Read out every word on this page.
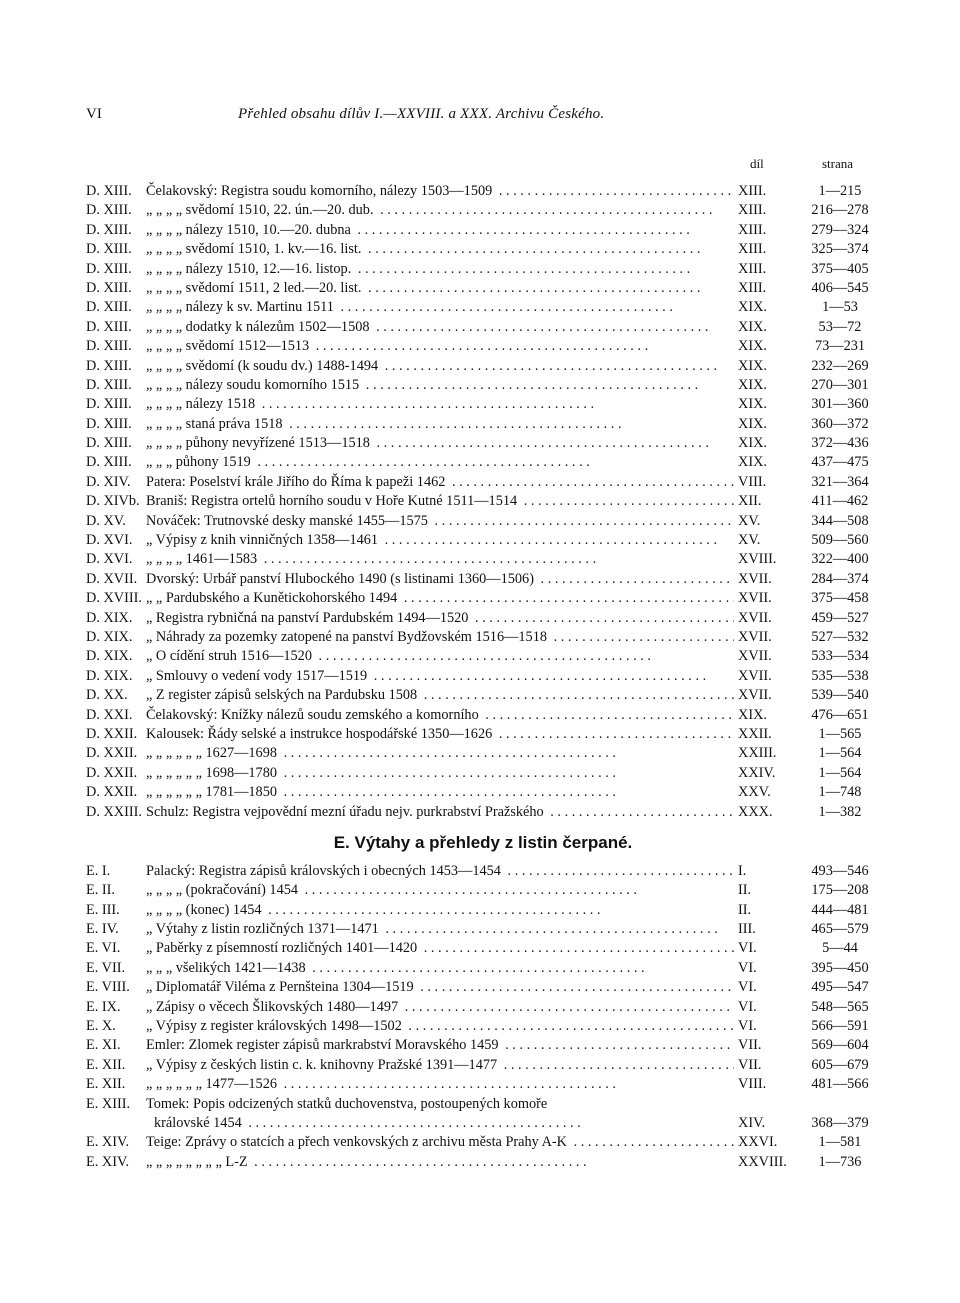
VI	Přehled obsahu dílův I.—XXVIII. a XXX. Archivu Českého.
díl	strana
D. XIII.	Čelakovský: Registra soudu komorního, nálezy 1503—1509 . . .	XIII.	1—215
D. XIII.	„ „ „ „ svědomí 1510, 22. ún.—20. dub. . . .	XIII.	216—278
D. XIII.	„ „ „ „ nálezy 1510, 10.—20. dubna . . .	XIII.	279—324
D. XIII.	„ „ „ „ svědomí 1510, 1. kv.—16. list. . . .	XIII.	325—374
D. XIII.	„ „ „ „ nálezy 1510, 12.—16. listop. . . .	XIII.	375—405
D. XIII.	„ „ „ „ svědomí 1511, 2 led.—20. list. . . .	XIII.	406—545
D. XIII.	„ „ „ „ nálezy k sv. Martinu 1511 . . .	XIX.	1—53
D. XIII.	„ „ „ „ dodatky k nálezům 1502—1508 . . .	XIX.	53—72
D. XIII.	„ „ „ „ svědomí 1512—1513 . . .	XIX.	73—231
D. XIII.	„ „ „ „ svědomí (k soudu dv.) 1488-1494 . . .	XIX.	232—269
D. XIII.	„ „ „ „ nálezy soudu komorního 1515 . . .	XIX.	270—301
D. XIII.	„ „ „ „ nálezy 1518 . . .	XIX.	301—360
D. XIII.	„ „ „ „ staná práva 1518 . . .	XIX.	360—372
D. XIII.	„ „ „ „ půhony nevyřízené 1513—1518 . . .	XIX.	372—436
D. XIII.	„ „ „ půhony 1519 . . .	XIX.	437—475
D. XIV.	Patera: Poselství krále Jiřího do Říma k papeži 1462 . . .	VIII.	321—364
D. XIVb. Braniš: Registra ortelů horního soudu v Hoře Kutné 1511—1514 . . .	XII.	411—462
D. XV.	Nováček: Trutnovské desky manské 1455—1575 . . .	XV.	344—508
D. XVI. „ Výpisy z knih vinničných 1358—1461 . . .	XV.	509—560
D. XVI. „ „ „ „ 1461—1583 . . .	XVIII.	322—400
D. XVII. Dvorský: Urbář panství Hlubockého 1490 (s listinami 1360—1506) . . .	XVII.	284—374
D. XVIII. „ „ Pardubského a Kunětickohorského 1494 . . .	XVII.	375—458
D. XIX. „ Registra rybničná na panství Pardubském 1494—1520 . . .	XVII.	459—527
D. XIX. „ Náhrady za pozemky zatopené na panství Bydžovském 1516—1518 . . .	XVII.	527—532
D. XIX. „ O cídění struh 1516—1520 . . .	XVII.	533—534
D. XIX. „ Smlouvy o vedení vody 1517—1519 . . .	XVII.	535—538
D. XX.	„ Z register zápisů selských na Pardubsku 1508 . . .	XVII.	539—540
D. XXI. Čelakovský: Knížky nálezů soudu zemského a komorního . . .	XIX.	476—651
D. XXII. Kalousek: Řády selské a instrukce hospodářské 1350—1626 . . .	XXII.	1—565
D. XXII. „ „ „ „ „ „ 1627—1698 . . .	XXIII.	1—564
D. XXII. „ „ „ „ „ „ 1698—1780 . . .	XXIV.	1—564
D. XXII. „ „ „ „ „ „ 1781—1850 . . .	XXV.	1—748
D. XXIII. Schulz: Registra vejpovědní mezní úřadu nejv. purkrabství Pražského . . .	XXX.	1—382
E. Výtahy a přehledy z listin čerpané.
E. I.	Palacký: Registra zápisů královských i obecných 1453—1454 . . .	I.	493—546
E. II.	„ „ „ „ (pokračování) 1454 . . .	II.	175—208
E. III.	„ „ „ „ (konec) 1454 . . .	II.	444—481
E. IV.	„ Výtahy z listin rozličných 1371—1471 . . .	III.	465—579
E. VI.	„ Paběrky z písemností rozličných 1401—1420 . . .	VI.	5—44
E. VII.	„ „ „ všelikých 1421—1438 . . .	VI.	395—450
E. VIII.	„ Diplomatář Viléma z Pernšteina 1304—1519 . . .	VI.	495—547
E. IX.	„ Zápisy o věcech Šlikovských 1480—1497 . . .	VI.	548—565
E. X.	„ Výpisy z register královských 1498—1502 . . .	VI.	566—591
E. XI.	Emler: Zlomek register zápisů markrabství Moravského 1459 . . .	VII.	569—604
E. XII.	„ Výpisy z českých listin c. k. knihovny Pražské 1391—1477 . . .	VII.	605—679
E. XII.	„ „ „ „ „ „ 1477—1526 . . .	VIII.	481—566
E. XIII.	Tomek: Popis odcizených statků duchovenstva, postoupených komoře
královské 1454 . . .	XIV.	368—379
E. XIV.	Teige: Zprávy o statcích a přech venkovských z archivu města Prahy A-K . . .	XXVI.	1—581
E. XIV.	„ „ „ „ „ „ „ „ L-Z . . .	XXVIII.	1—736
